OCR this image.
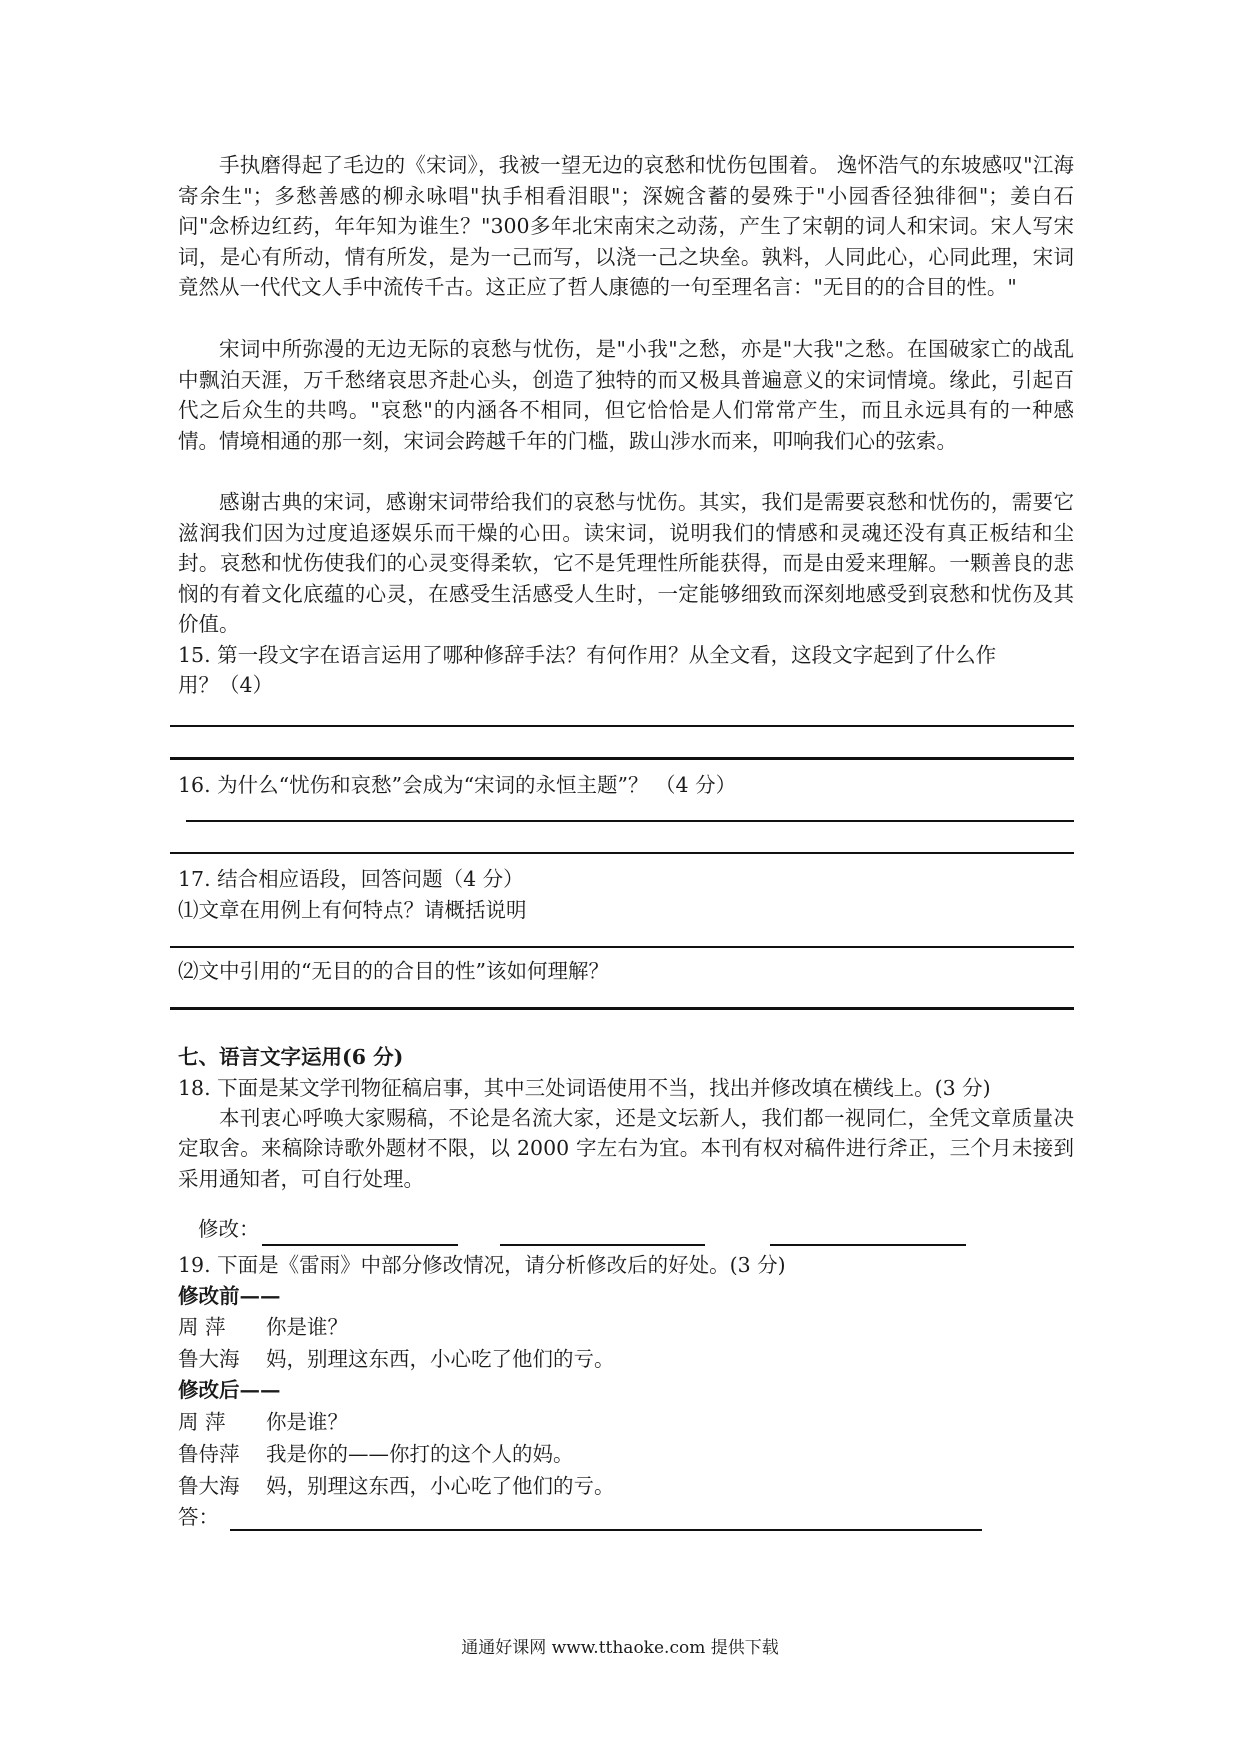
手执磨得起了毛边的《宋词》，我被一望无边的哀愁和忧伤包围着。 逸怀浩气的东坡感叹"江海寄余生"；多愁善感的柳永咏唱"执手相看泪眼"；深婉含蓄的晏殊于"小园香径独徘徊"；姜白石问"念桥边红药，年年知为谁生？"300多年北宋南宋之动荡，产生了宋朝的词人和宋词。宋人写宋词，是心有所动，情有所发，是为一己而写，以浇一己之块垒。孰料，人同此心，心同此理，宋词竟然从一代代文人手中流传千古。这正应了哲人康德的一句至理名言："无目的的合目的性。"

宋词中所弥漫的无边无际的哀愁与忧伤，是"小我"之愁，亦是"大我"之愁。在国破家亡的战乱中飘泊天涯，万千愁绪哀思齐赴心头，创造了独特的而又极具普遍意义的宋词情境。缘此，引起百代之后众生的共鸣。"哀愁"的内涵各不相同，但它恰恰是人们常常产生，而且永远具有的一种感情。情境相通的那一刻，宋词会跨越千年的门槛，跋山涉水而来，叩响我们心的弦索。

感谢古典的宋词，感谢宋词带给我们的哀愁与忧伤。其实，我们是需要哀愁和忧伤的，需要它滋润我们因为过度追逐娱乐而干燥的心田。读宋词，说明我们的情感和灵魂还没有真正板结和尘封。哀愁和忧伤使我们的心灵变得柔软，它不是凭理性所能获得，而是由爱来理解。一颗善良的悲悯的有着文化底蕴的心灵，在感受生活感受人生时，一定能够细致而深刻地感受到哀愁和忧伤及其价值。

15. 第一段文字在语言运用了哪种修辞手法？有何作用？从全文看，这段文字起到了什么作

用？（4）

16. 为什么“忧伤和哀愁”会成为“宋词的永恒主题”？ （4 分）

17. 结合相应语段，回答问题（4 分）

⑴文章在用例上有何特点？请概括说明

⑵文中引用的“无目的的合目的性”该如何理解？

七、语言文字运用(6 分)

18. 下面是某文学刊物征稿启事，其中三处词语使用不当，找出并修改填在横线上。(3 分)

本刊衷心呼唤大家赐稿，不论是名流大家，还是文坛新人，我们都一视同仁，全凭文章质量决定取舍。来稿除诗歌外题材不限，以 2000 字左右为宜。本刊有权对稿件进行斧正，三个月未接到采用通知者，可自行处理。

修改：

19. 下面是《雷雨》中部分修改情况，请分析修改后的好处。(3 分)

修改前——

周 萍 你是谁？

鲁大海 妈，别理这东西，小心吃了他们的亏。

修改后——

周 萍 你是谁？

鲁侍萍 我是你的——你打的这个人的妈。

鲁大海 妈，别理这东西，小心吃了他们的亏。

答：

通通好课网 www.tthaoke.com 提供下载
